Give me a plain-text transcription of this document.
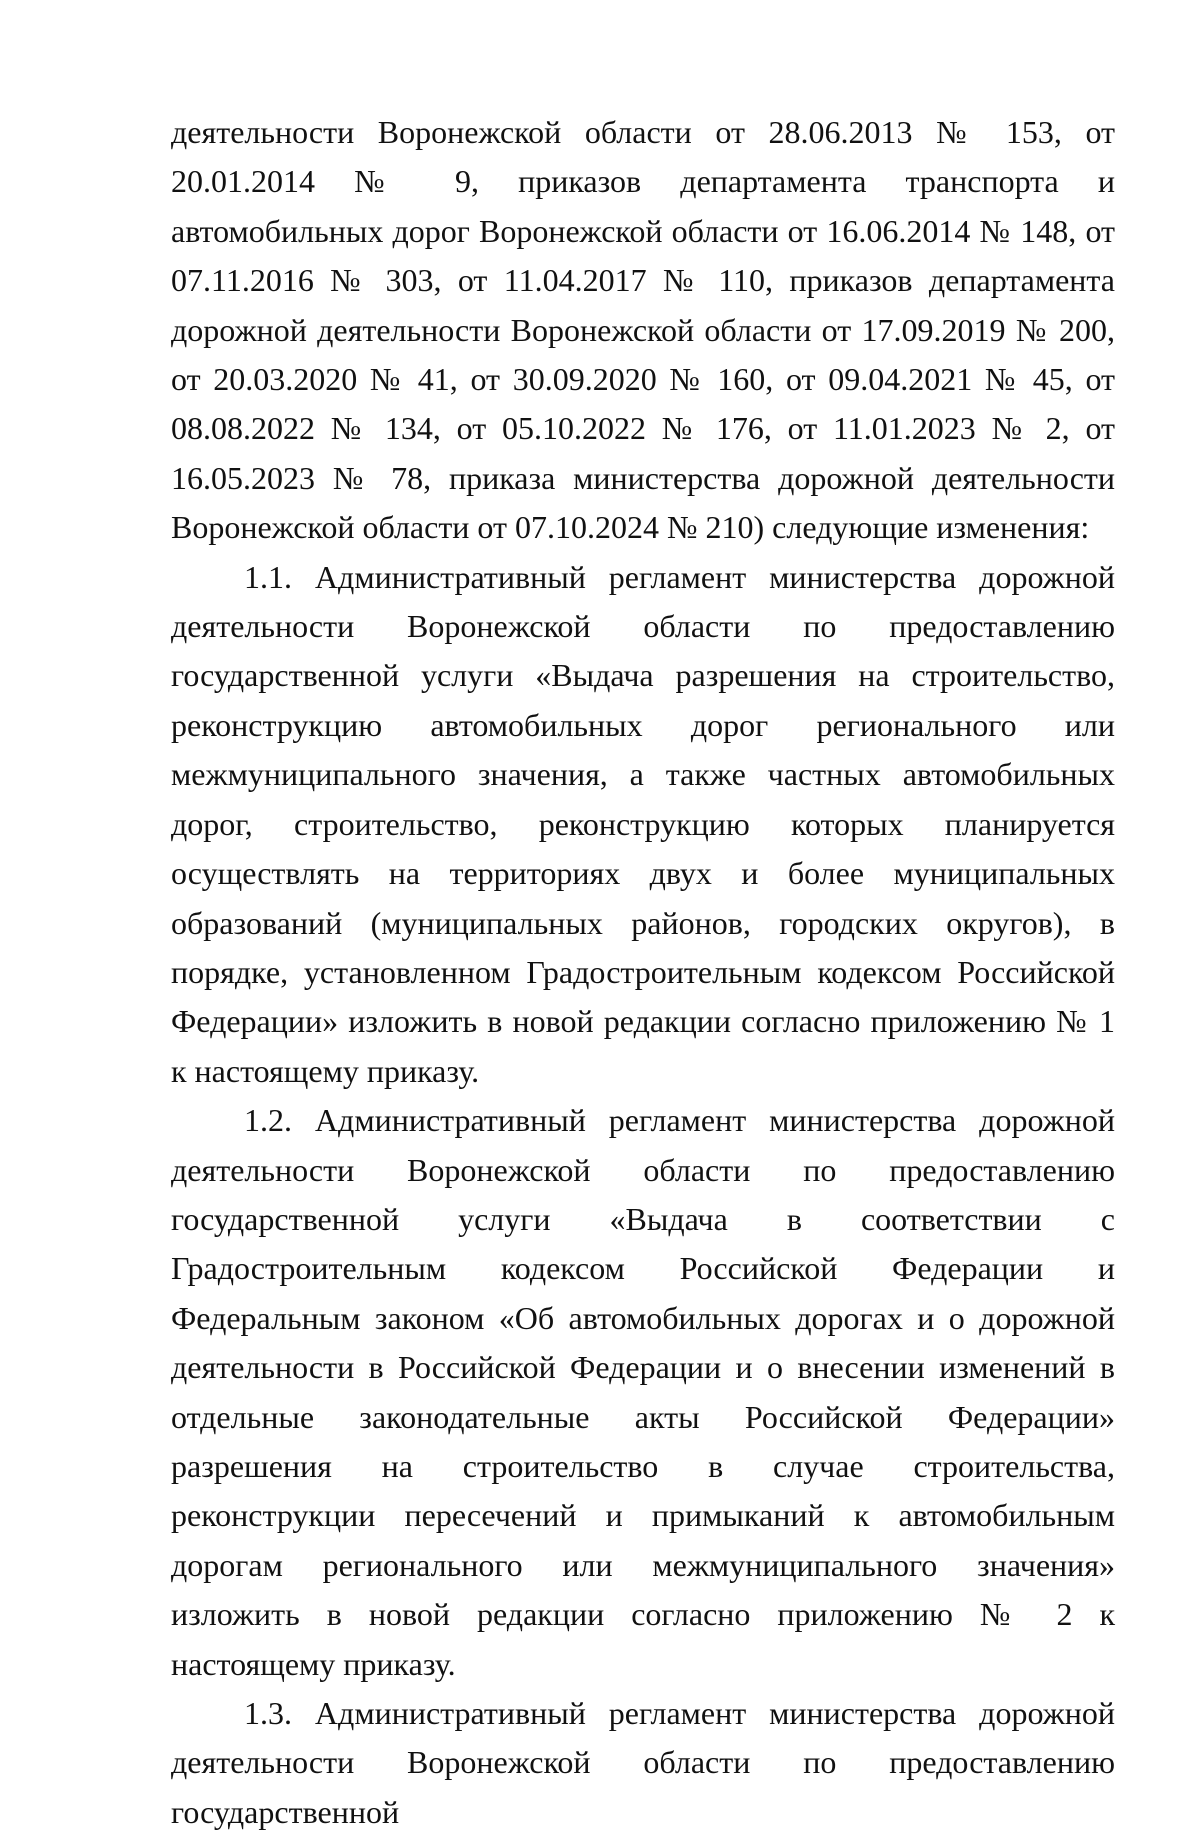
деятельности Воронежской области от 28.06.2013 № 153, от 20.01.2014 № 9, приказов департамента транспорта и автомобильных дорог Воронежской области от 16.06.2014 № 148, от 07.11.2016 № 303, от 11.04.2017 № 110, приказов департамента дорожной деятельности Воронежской области от 17.09.2019 № 200, от 20.03.2020 № 41, от 30.09.2020 № 160, от 09.04.2021 № 45, от 08.08.2022 № 134, от 05.10.2022 № 176, от 11.01.2023 № 2, от 16.05.2023 № 78, приказа министерства дорожной деятельности Воронежской области от 07.10.2024 № 210) следующие изменения:

1.1. Административный регламент министерства дорожной деятельности Воронежской области по предоставлению государственной услуги «Выдача разрешения на строительство, реконструкцию автомобильных дорог регионального или межмуниципального значения, а также частных автомобильных дорог, строительство, реконструкцию которых планируется осуществлять на территориях двух и более муниципальных образований (муниципальных районов, городских округов), в порядке, установленном Градостроительным кодексом Российской Федерации» изложить в новой редакции согласно приложению № 1 к настоящему приказу.

1.2. Административный регламент министерства дорожной деятельности Воронежской области по предоставлению государственной услуги «Выдача в соответствии с Градостроительным кодексом Российской Федерации и Федеральным законом «Об автомобильных дорогах и о дорожной деятельности в Российской Федерации и о внесении изменений в отдельные законодательные акты Российской Федерации» разрешения на строительство в случае строительства, реконструкции пересечений и примыканий к автомобильным дорогам регионального или межмуниципального значения» изложить в новой редакции согласно приложению № 2 к настоящему приказу.

1.3. Административный регламент министерства дорожной деятельности Воронежской области по предоставлению государственной
